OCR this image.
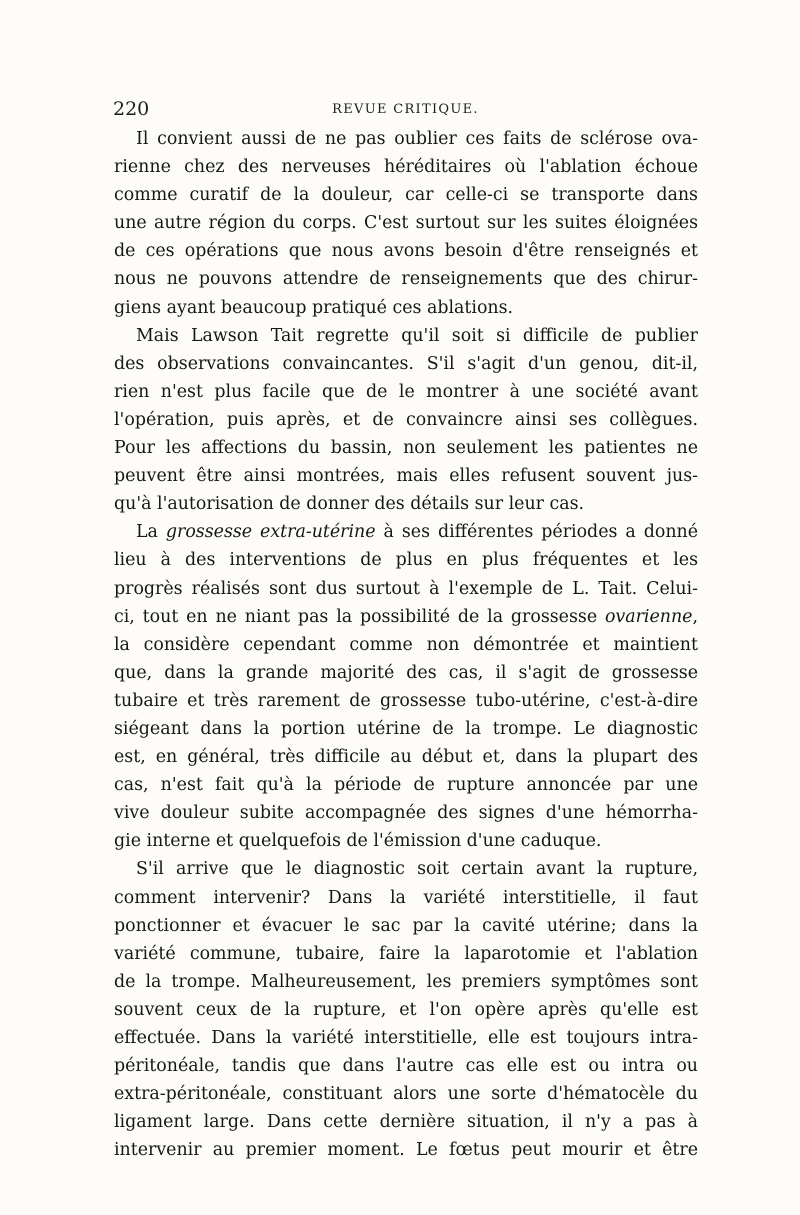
220	REVUE CRITIQUE.
Il convient aussi de ne pas oublier ces faits de sclérose ova-
rienne chez des nerveuses héréditaires où l'ablation échoue
comme curatif de la douleur, car celle-ci se transporte dans
une autre région du corps. C'est surtout sur les suites éloignées
de ces opérations que nous avons besoin d'être renseignés et
nous ne pouvons attendre de renseignements que des chirur-
giens ayant beaucoup pratiqué ces ablations.
Mais Lawson Tait regrette qu'il soit si difficile de publier
des observations convaincantes. S'il s'agit d'un genou, dit-il,
rien n'est plus facile que de le montrer à une société avant
l'opération, puis après, et de convaincre ainsi ses collègues.
Pour les affections du bassin, non seulement les patientes ne
peuvent être ainsi montrées, mais elles refusent souvent jus-
qu'à l'autorisation de donner des détails sur leur cas.
La grossesse extra-utérine à ses différentes périodes a donné
lieu à des interventions de plus en plus fréquentes et les
progrès réalisés sont dus surtout à l'exemple de L. Tait. Celui-
ci, tout en ne niant pas la possibilité de la grossesse ovarienne,
la considère cependant comme non démontrée et maintient
que, dans la grande majorité des cas, il s'agit de grossesse
tubaire et très rarement de grossesse tubo-utérine, c'est-à-dire
siégeant dans la portion utérine de la trompe. Le diagnostic
est, en général, très difficile au début et, dans la plupart des
cas, n'est fait qu'à la période de rupture annoncée par une
vive douleur subite accompagnée des signes d'une hémorrha-
gie interne et quelquefois de l'émission d'une caduque.
S'il arrive que le diagnostic soit certain avant la rupture,
comment intervenir? Dans la variété interstitielle, il faut
ponctionner et évacuer le sac par la cavité utérine; dans la
variété commune, tubaire, faire la laparotomie et l'ablation
de la trompe. Malheureusement, les premiers symptômes sont
souvent ceux de la rupture, et l'on opère après qu'elle est
effectuée. Dans la variété interstitielle, elle est toujours intra-
péritonéale, tandis que dans l'autre cas elle est ou intra ou
extra-péritonéale, constituant alors une sorte d'hématocèle du
ligament large. Dans cette dernière situation, il n'y a pas à
intervenir au premier moment. Le fœtus peut mourir et être
